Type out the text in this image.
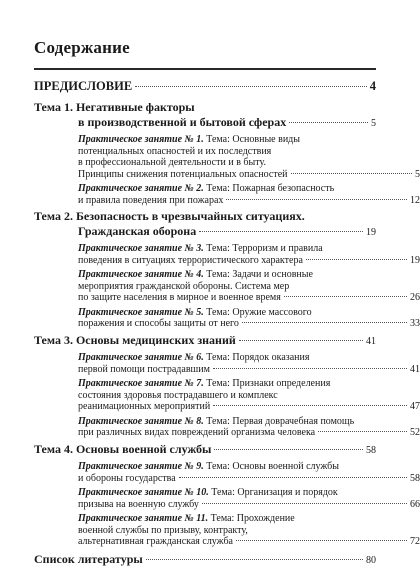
Содержание
ПРЕДИСЛОВИЕ	4
Тема 1. Негативные факторы
в производственной и бытовой сферах	5
Практическое занятие № 1.
Тема: Основные виды
потенциальных опасностей и их последствия
в профессиональной деятельности и в быту.
Принципы снижения потенциальных опасностей	5
Практическое занятие № 2.
Тема: Пожарная безопасность
и правила поведения при пожарах	12
Тема 2. Безопасность в чрезвычайных ситуациях.
Гражданская оборона	19
Практическое занятие № 3.
Тема: Терроризм и правила
поведения в ситуациях террористического характера	19
Практическое занятие № 4.
Тема: Задачи и основные
мероприятия гражданской обороны. Система мер
по защите населения в мирное и военное время	26
Практическое занятие № 5.
Тема: Оружие массового
поражения и способы защиты от него	33
Тема 3. Основы медицинских знаний	41
Практическое занятие № 6.
Тема: Порядок оказания
первой помощи пострадавшим	41
Практическое занятие № 7.
Тема: Признаки определения
состояния здоровья пострадавшего и комплекс
реанимационных мероприятий	47
Практическое занятие № 8.
Тема: Первая доврачебная помощь
при различных видах повреждений организма человека	52
Тема 4. Основы военной службы	58
Практическое занятие № 9.
Тема: Основы военной службы
и обороны государства	58
Практическое занятие № 10.
Тема: Организация и порядок
призыва на военную службу	66
Практическое занятие № 11.
Тема: Прохождение
военной службы по призыву, контракту,
альтернативная гражданская служба	72
Список литературы	80
